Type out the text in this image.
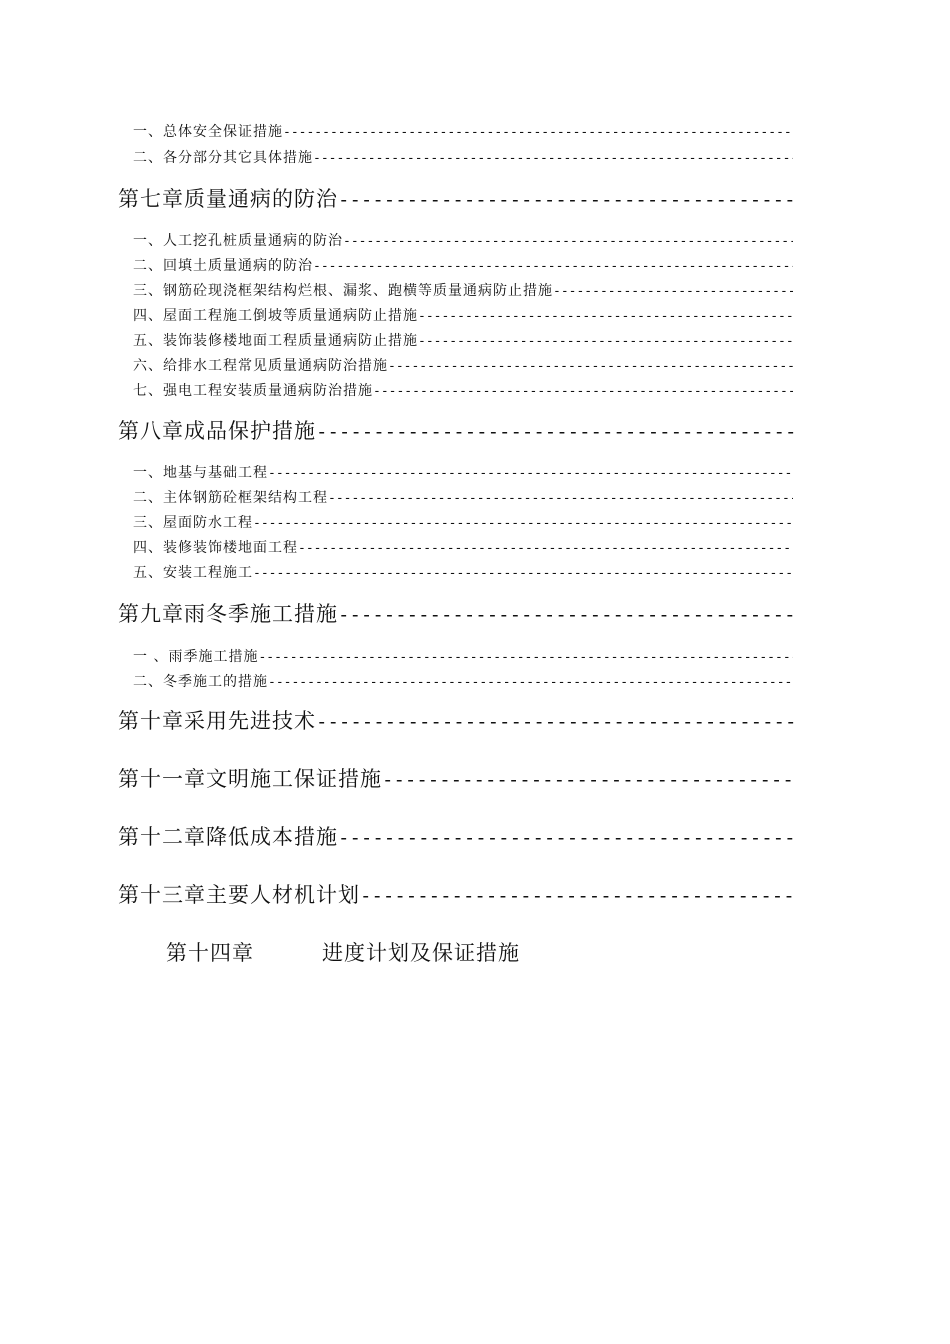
一、总体安全保证措施
-----
二、各分部分其它具体措施
-----
第七章 质量通病的防治
-----
一、人工挖孔桩质量通病的防治
-----
二、回填土质量通病的防治
-----
三、钢筋砼现浇框架结构烂根、漏浆、跑横等质量通病防止措施
-----
四、屋面工程施工倒坡等质量通病防止措施
-----
五、装饰装修楼地面工程质量通病防止措施
-----
六、给排水工程常见质量通病防治措施
-----
七、强电工程安装质量通病防治措施
-----
第八章 成品保护措施
-----
一、地基与基础工程
-----
二、主体钢筋砼框架结构工程
-----
三、屋面防水工程
-----
四、装修装饰楼地面工程
-----
五、安装工程施工
-----
第九章 雨冬季施工措施
-----
一 、雨季施工措施
-----
二、冬季施工的措施
-----
第十章 采用先进技术
-----
第十一章 文明施工保证措施
-----
第十二章 降低成本措施
-----
第十三章 主要人材机计划
-----
第十四章	进度计划及保证措施
